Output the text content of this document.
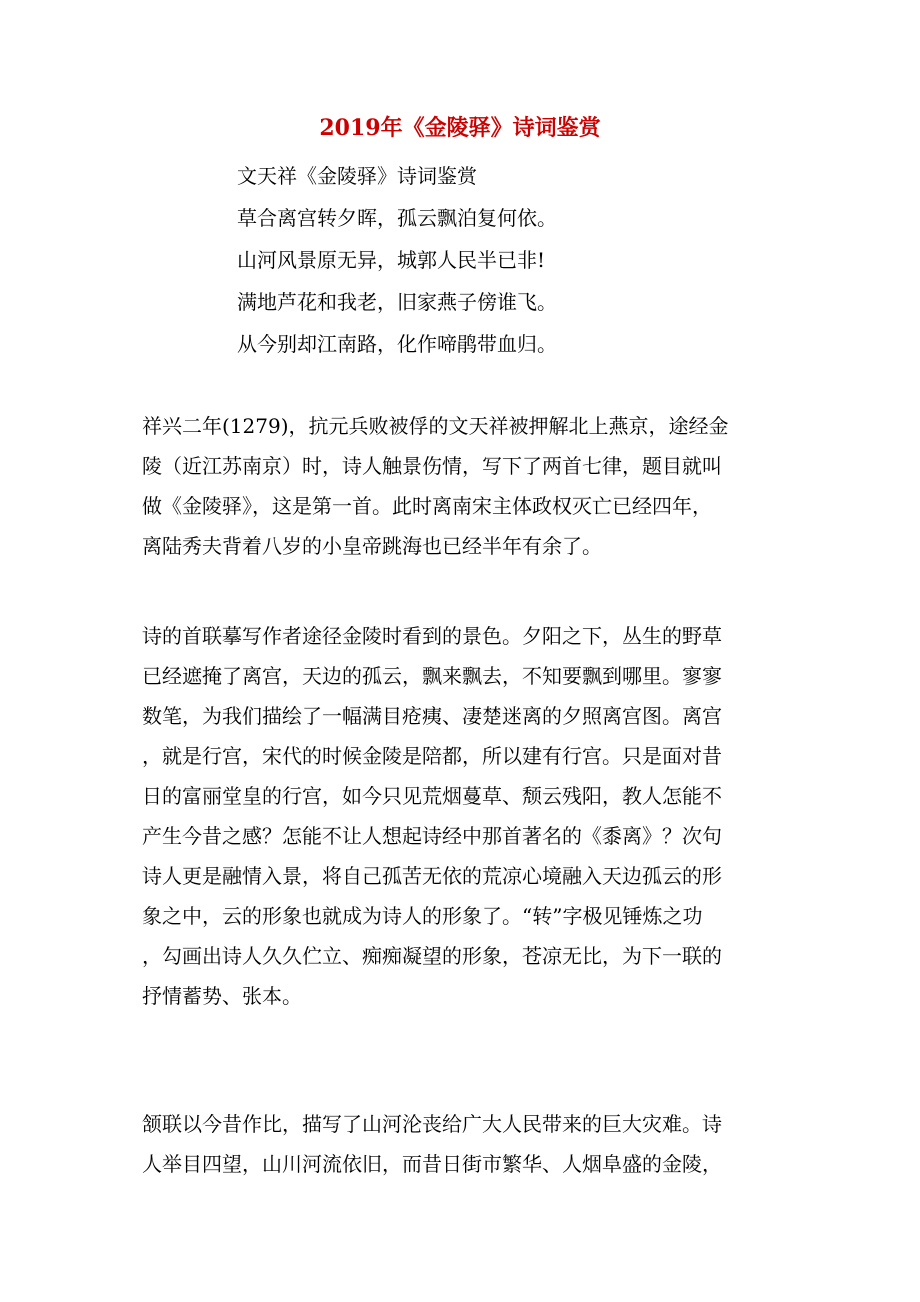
2019年《金陵驿》诗词鉴赏
文天祥《金陵驿》诗词鉴赏
草合离宫转夕晖，孤云飘泊复何依。
山河风景原无异，城郭人民半已非!
满地芦花和我老，旧家燕子傍谁飞。
从今别却江南路，化作啼鹃带血归。
祥兴二年(1279)，抗元兵败被俘的文天祥被押解北上燕京，途经金
陵（近江苏南京）时，诗人触景伤情，写下了两首七律，题目就叫
做《金陵驿》，这是第一首。此时离南宋主体政权灭亡已经四年，
离陆秀夫背着八岁的小皇帝跳海也已经半年有余了。
诗的首联摹写作者途径金陵时看到的景色。夕阳之下，丛生的野草
已经遮掩了离宫，天边的孤云，飘来飘去，不知要飘到哪里。寥寥
数笔，为我们描绘了一幅满目疮痍、凄楚迷离的夕照离宫图。离宫
，就是行宫，宋代的时候金陵是陪都，所以建有行宫。只是面对昔
日的富丽堂皇的行宫，如今只见荒烟蔓草、颓云残阳，教人怎能不
产生今昔之感？怎能不让人想起诗经中那首著名的《黍离》？次句
诗人更是融情入景，将自己孤苦无依的荒凉心境融入天边孤云的形
象之中，云的形象也就成为诗人的形象了。“转”字极见锤炼之功
，勾画出诗人久久伫立、痴痴凝望的形象，苍凉无比，为下一联的
抒情蓄势、张本。
颔联以今昔作比，描写了山河沦丧给广大人民带来的巨大灾难。诗
人举目四望，山川河流依旧，而昔日街市繁华、人烟阜盛的金陵，
